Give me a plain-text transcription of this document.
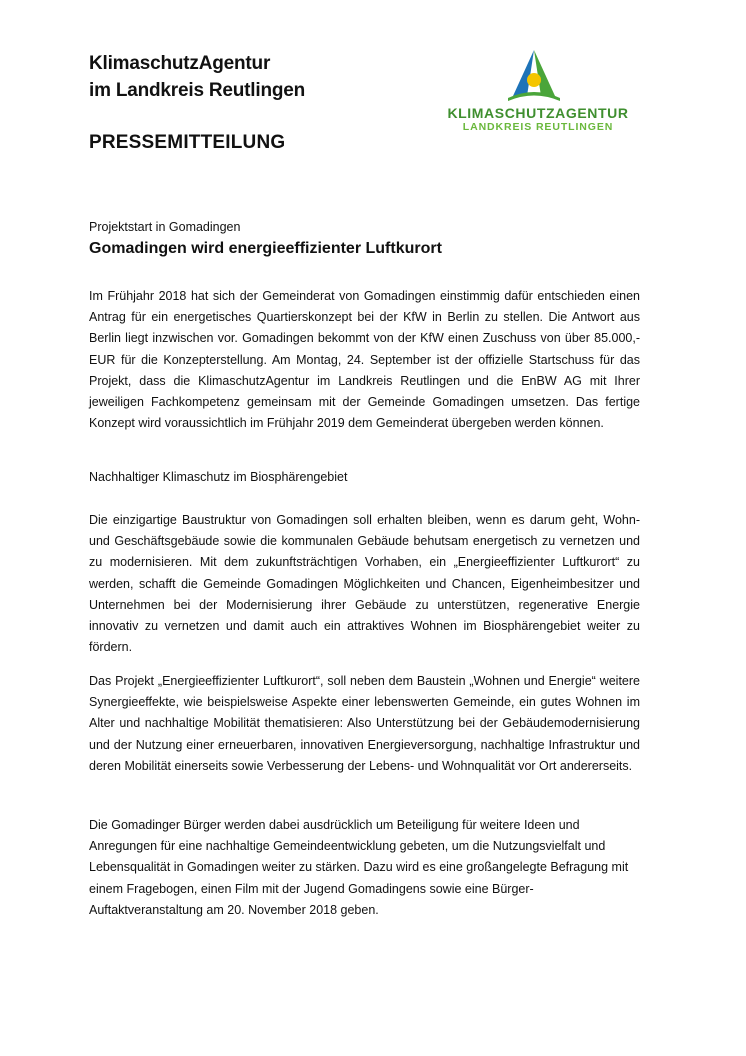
KlimaschutzAgentur
im Landkreis Reutlingen
PRESSEMITTEILUNG
KLIMASCHUTZAGENTUR
LANDKREIS REUTLINGEN
Projektstart in Gomadingen
Gomadingen wird energieeffizienter Luftkurort

Im Frühjahr 2018 hat sich der Gemeinderat von Gomadingen einstimmig dafür entschieden einen Antrag für ein energetisches Quartierskonzept bei der KfW in Berlin zu stellen. Die Antwort aus Berlin liegt inzwischen vor. Gomadingen bekommt von der KfW einen Zuschuss von über 85.000,- EUR für die Konzepterstellung. Am Montag, 24. September ist der offizielle Startschuss für das Projekt, dass die KlimaschutzAgentur im Landkreis Reutlingen und die EnBW AG mit Ihrer jeweiligen Fachkompetenz gemeinsam mit der Gemeinde Gomadingen umsetzen. Das fertige Konzept wird voraussichtlich im Frühjahr 2019 dem Gemeinderat übergeben werden können.

Nachhaltiger Klimaschutz im Biosphärengebiet

Die einzigartige Baustruktur von Gomadingen soll erhalten bleiben, wenn es darum geht, Wohn- und Geschäftsgebäude sowie die kommunalen Gebäude behutsam energetisch zu vernetzen und zu modernisieren. Mit dem zukunftsträchtigen Vorhaben, ein „Energieeffizienter Luftkurort“ zu werden, schafft die Gemeinde Gomadingen Möglichkeiten und Chancen, Eigenheimbesitzer und Unternehmen bei der Modernisierung ihrer Gebäude zu unterstützen, regenerative Energie innovativ zu vernetzen und damit auch ein attraktives Wohnen im Biosphärengebiet weiter zu fördern.

Das Projekt „Energieeffizienter Luftkurort“, soll neben dem Baustein „Wohnen und Energie“ weitere Synergieeffekte, wie beispielsweise Aspekte einer lebenswerten Gemeinde, ein gutes Wohnen im Alter und nachhaltige Mobilität thematisieren: Also Unterstützung bei der Gebäudemodernisierung und der Nutzung einer erneuerbaren, innovativen Energieversorgung, nachhaltige Infrastruktur und deren Mobilität einerseits sowie Verbesserung der Lebens- und Wohnqualität vor Ort andererseits.

Die Gomadinger Bürger werden dabei ausdrücklich um Beteiligung für weitere Ideen und Anregungen für eine nachhaltige Gemeindeentwicklung gebeten, um die Nutzungsvielfalt und Lebensqualität in Gomadingen weiter zu stärken. Dazu wird es eine großangelegte Befragung mit einem Fragebogen, einen Film mit der Jugend Gomadingens sowie eine Bürger-Auftaktveranstaltung am 20. November 2018 geben.
